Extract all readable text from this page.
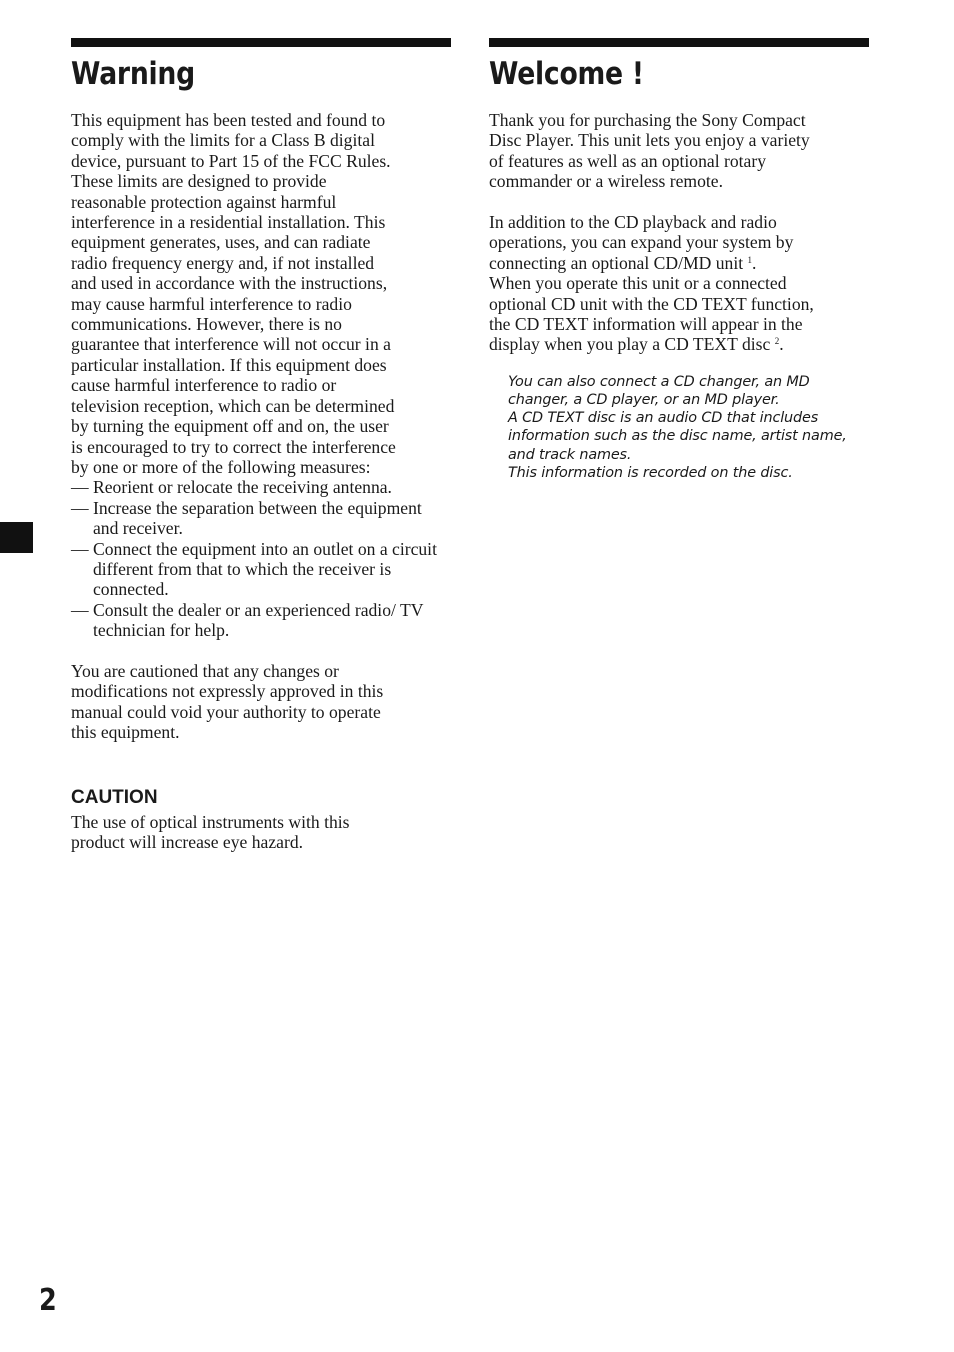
Warning

This equipment has been tested and found to
comply with the limits for a Class B digital
device, pursuant to Part 15 of the FCC Rules.
These limits are designed to provide
reasonable protection against harmful
interference in a residential installation. This
equipment generates, uses, and can radiate
radio frequency energy and, if not installed
and used in accordance with the instructions,
may cause harmful interference to radio
communications. However, there is no
guarantee that interference will not occur in a
particular installation. If this equipment does
cause harmful interference to radio or
television reception, which can be determined
by turning the equipment off and on, the user
is encouraged to try to correct the interference
by one or more of the following measures:

— Reorient or relocate the receiving antenna.
— Increase the separation between the equipment and receiver.
— Connect the equipment into an outlet on a circuit different from that to which the receiver is connected.
— Consult the dealer or an experienced radio/ TV technician for help.

You are cautioned that any changes or
modifications not expressly approved in this
manual could void your authority to operate
this equipment.

CAUTION

The use of optical instruments with this
product will increase eye hazard.

Welcome !

Thank you for purchasing the Sony Compact
Disc Player. This unit lets you enjoy a variety
of features as well as an optional rotary
commander or a wireless remote.

In addition to the CD playback and radio
operations, you can expand your system by
connecting an optional CD/MD unit $^1$.
When you operate this unit or a connected
optional CD unit with the CD TEXT function,
the CD TEXT information will appear in the
display when you play a CD TEXT disc $^2$.
You can also connect a CD changer, an MD
changer, a CD player, or an MD player.
A CD TEXT disc is an audio CD that includes
information such as the disc name, artist name,
and track names.
This information is recorded on the disc.
2
